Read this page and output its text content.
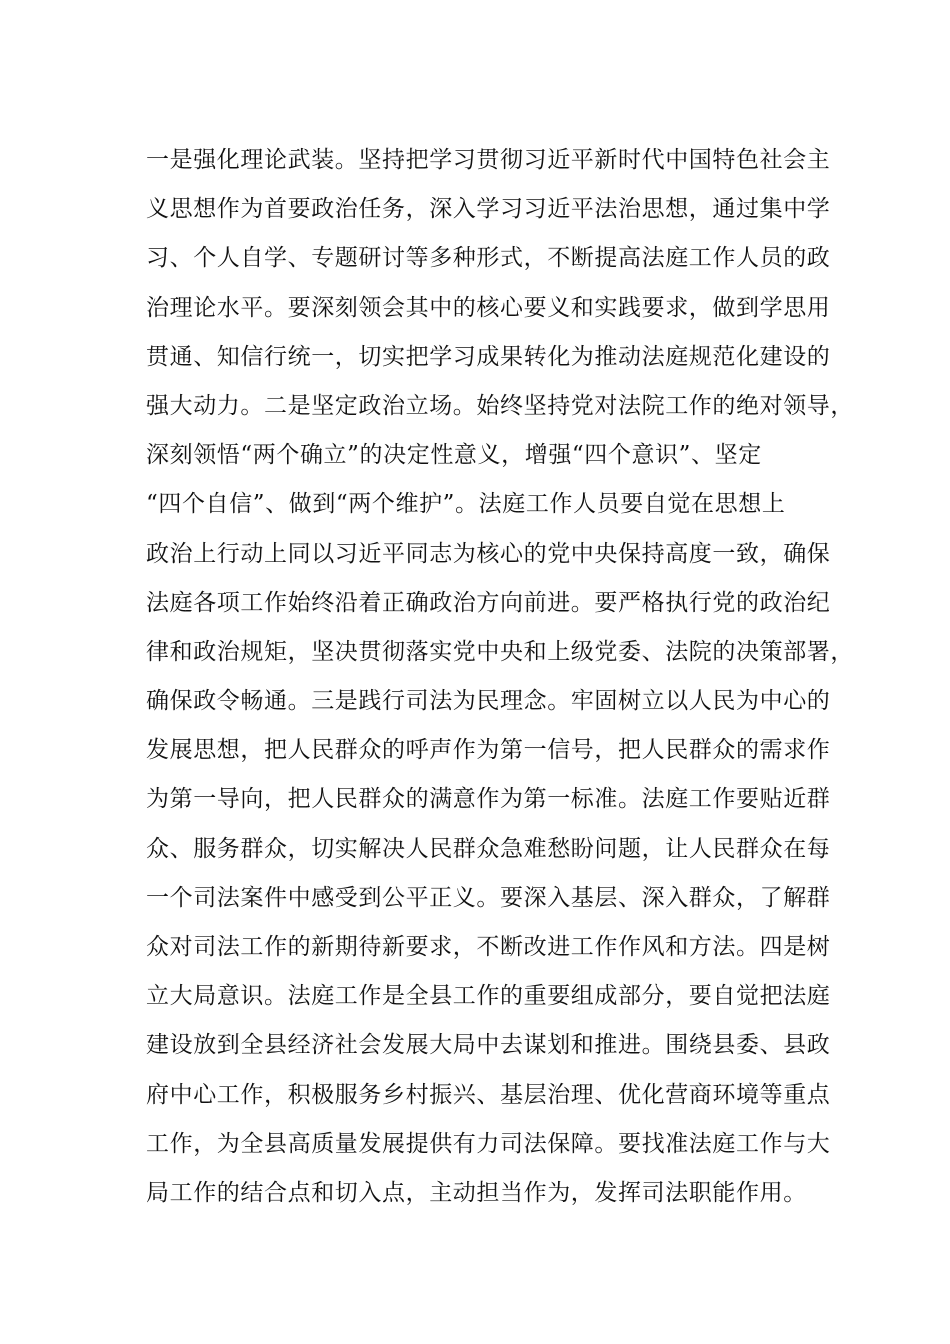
一是强化理论武装。坚持把学习贯彻习近平新时代中国特色社会主
义思想作为首要政治任务，深入学习习近平法治思想，通过集中学
习、个人自学、专题研讨等多种形式，不断提高法庭工作人员的政
治理论水平。要深刻领会其中的核心要义和实践要求，做到学思用
贯通、知信行统一，切实把学习成果转化为推动法庭规范化建设的
强大动力。二是坚定政治立场。始终坚持党对法院工作的绝对领导，
深刻领悟“两个确立”的决定性意义，增强“四个意识”、坚定
“四个自信”、做到“两个维护”。法庭工作人员要自觉在思想上
政治上行动上同以习近平同志为核心的党中央保持高度一致，确保
法庭各项工作始终沿着正确政治方向前进。要严格执行党的政治纪
律和政治规矩，坚决贯彻落实党中央和上级党委、法院的决策部署，
确保政令畅通。三是践行司法为民理念。牢固树立以人民为中心的
发展思想，把人民群众的呼声作为第一信号，把人民群众的需求作
为第一导向，把人民群众的满意作为第一标准。法庭工作要贴近群
众、服务群众，切实解决人民群众急难愁盼问题，让人民群众在每
一个司法案件中感受到公平正义。要深入基层、深入群众，了解群
众对司法工作的新期待新要求，不断改进工作作风和方法。四是树
立大局意识。法庭工作是全县工作的重要组成部分，要自觉把法庭
建设放到全县经济社会发展大局中去谋划和推进。围绕县委、县政
府中心工作，积极服务乡村振兴、基层治理、优化营商环境等重点
工作，为全县高质量发展提供有力司法保障。要找准法庭工作与大
局工作的结合点和切入点，主动担当作为，发挥司法职能作用。
